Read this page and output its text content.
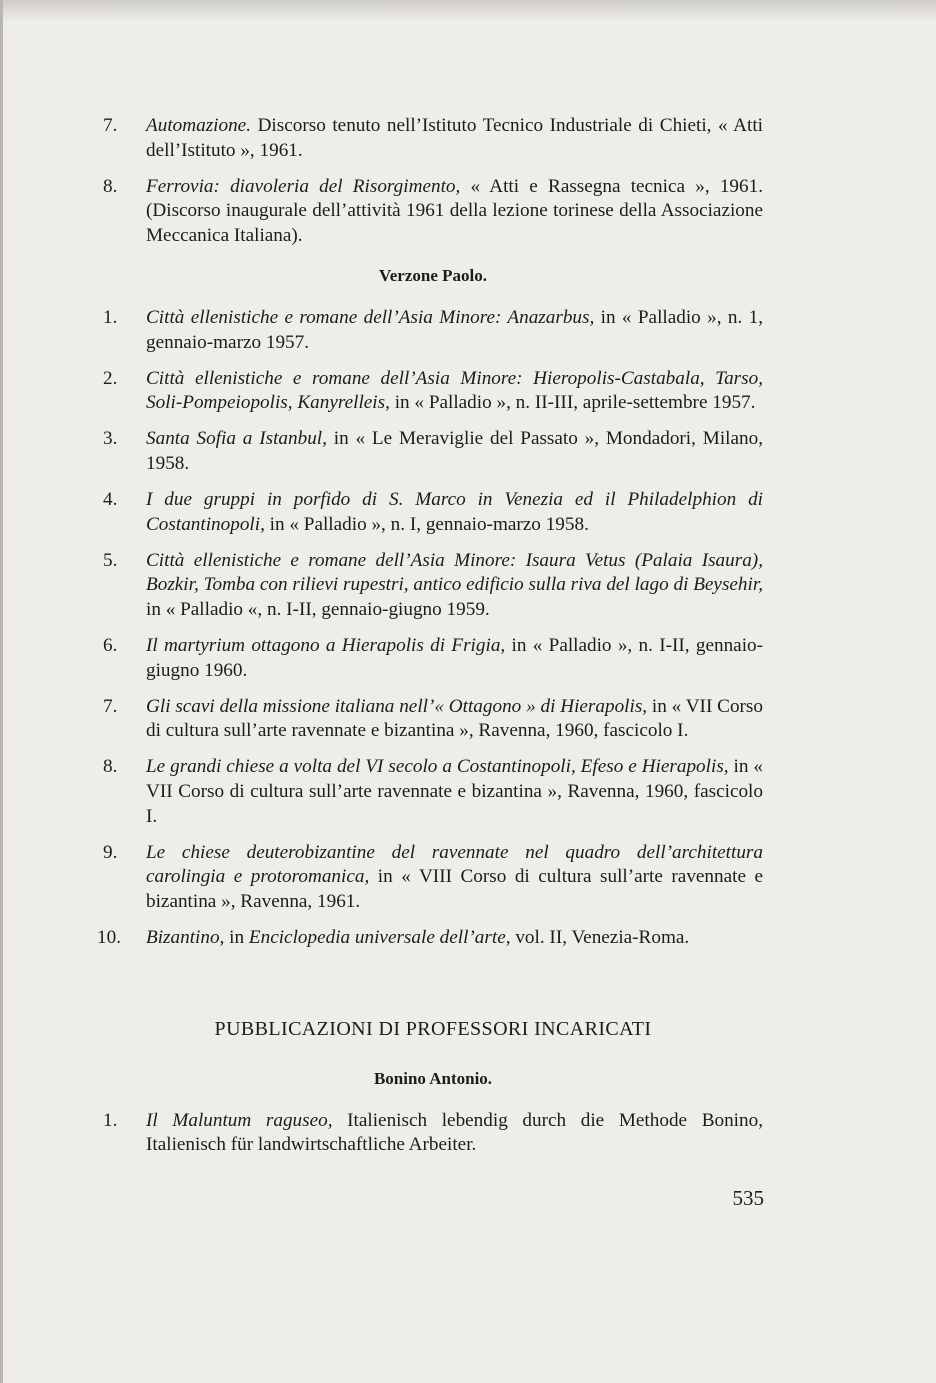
7. Automazione. Discorso tenuto nell’Istituto Tecnico Industriale di Chieti, « Atti dell’Istituto », 1961.
8. Ferrovia: diavoleria del Risorgimento, « Atti e Rassegna tecnica », 1961. (Discorso inaugurale dell’attività 1961 della lezione torinese della Associazione Meccanica Italiana).
Verzone Paolo.
1. Città ellenistiche e romane dell’Asia Minore: Anazarbus, in « Palladio », n. 1, gennaio-marzo 1957.
2. Città ellenistiche e romane dell’Asia Minore: Hieropolis-Castabala, Tarso, Soli-Pompeiopolis, Kanyrelleis, in « Palladio », n. II-III, aprile-settembre 1957.
3. Santa Sofia a Istanbul, in « Le Meraviglie del Passato », Mondadori, Milano, 1958.
4. I due gruppi in porfido di S. Marco in Venezia ed il Philadelphion di Costantinopoli, in « Palladio », n. I, gennaio-marzo 1958.
5. Città ellenistiche e romane dell’Asia Minore: Isaura Vetus (Palaia Isaura), Bozkir, Tomba con rilievi rupestri, antico edificio sulla riva del lago di Beysehir, in « Palladio «, n. I-II, gennaio-giugno 1959.
6. Il martyrium ottagono a Hierapolis di Frigia, in « Palladio », n. I-II, gennaio-giugno 1960.
7. Gli scavi della missione italiana nell’« Ottagono » di Hierapolis, in « VII Corso di cultura sull’arte ravennate e bizantina », Ravenna, 1960, fascicolo I.
8. Le grandi chiese a volta del VI secolo a Costantinopoli, Efeso e Hierapolis, in « VII Corso di cultura sull’arte ravennate e bizantina », Ravenna, 1960, fascicolo I.
9. Le chiese deuterobizantine del ravennate nel quadro dell’architettura carolingia e protoromanica, in « VIII Corso di cultura sull’arte ravennate e bizantina », Ravenna, 1961.
10. Bizantino, in Enciclopedia universale dell’arte, vol. II, Venezia-Roma.
PUBBLICAZIONI DI PROFESSORI INCARICATI
Bonino Antonio.
1. Il Maluntum raguseo, Italienisch lebendig durch die Methode Bonino, Italienisch für landwirtschaftliche Arbeiter.
535
